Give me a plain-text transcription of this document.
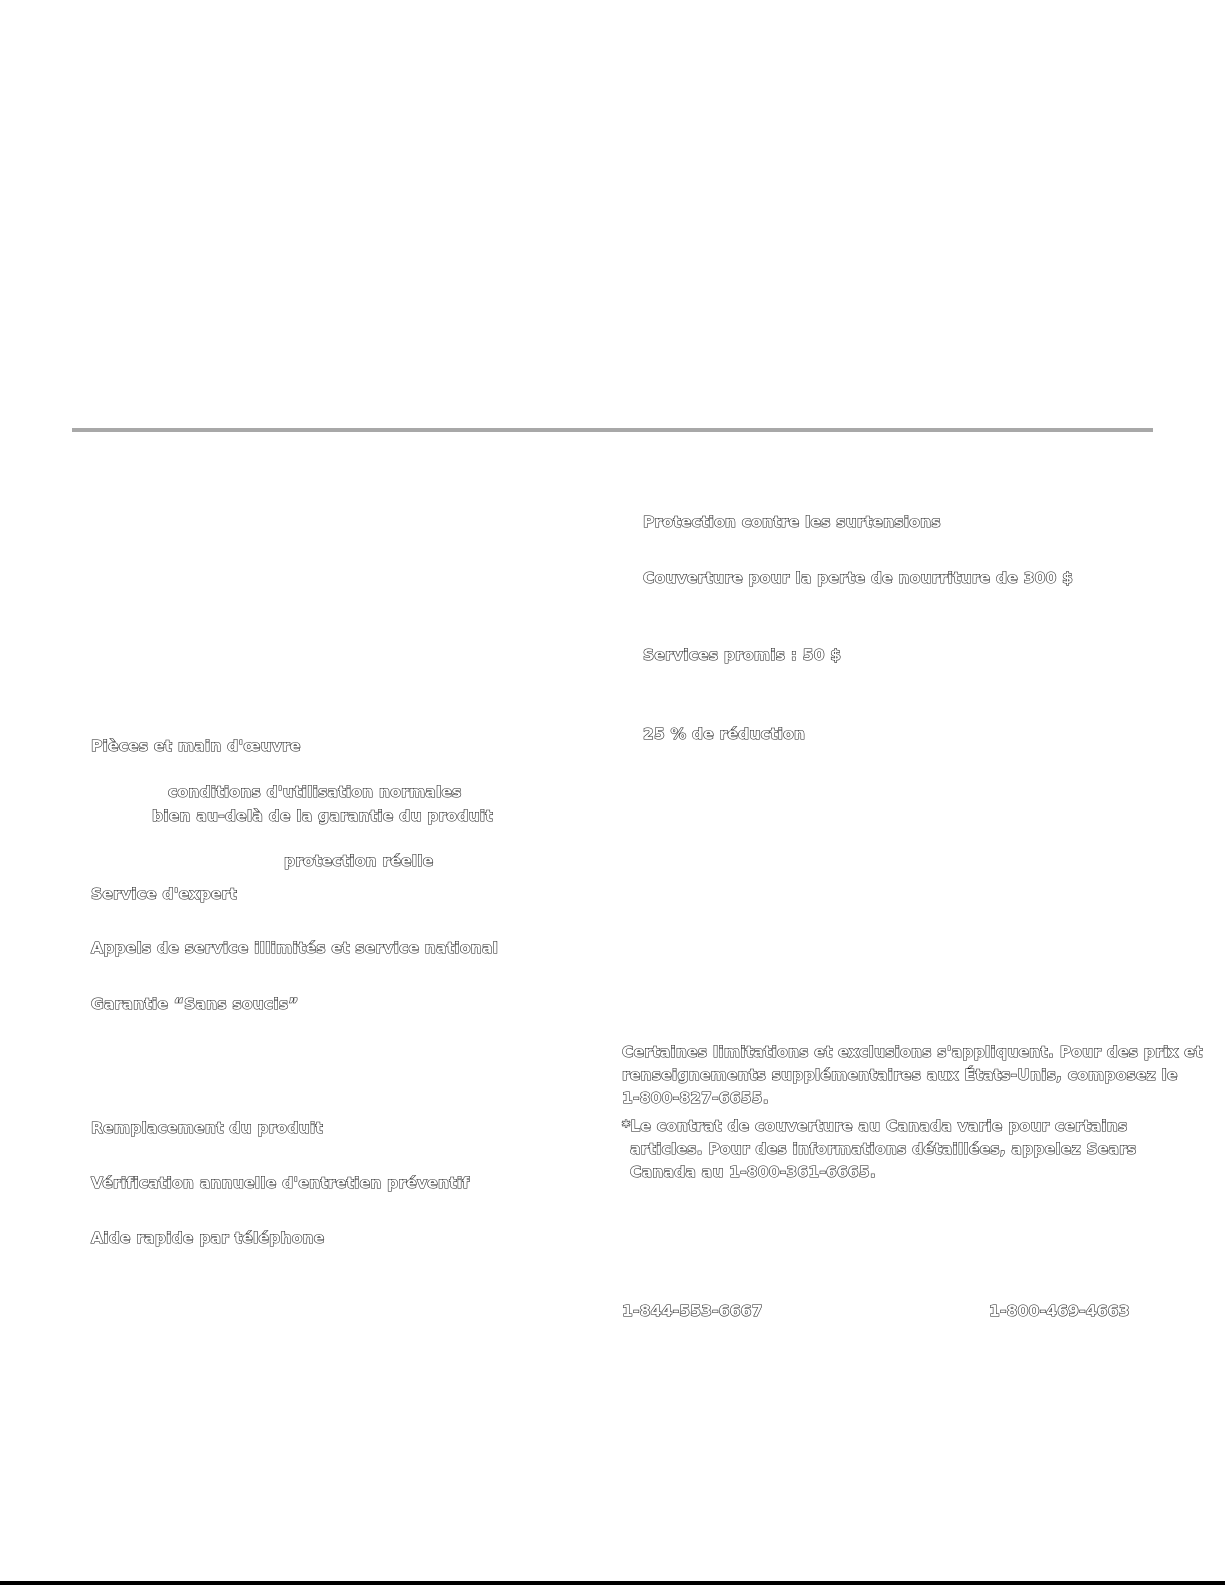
Pièces et main d'œuvre
conditions d'utilisation normales
bien au-delà de la garantie du produit
protection réelle
Service d'expert
Appels de service illimités et service national
Garantie “Sans soucis”
Remplacement du produit
Vérification annuelle d'entretien préventif
Aide rapide par téléphone
Protection contre les surtensions
Couverture pour la perte de nourriture de 300 $
Services promis : 50 $
25 % de réduction
Certaines limitations et exclusions s'appliquent. Pour des prix et
renseignements supplémentaires aux États-Unis, composez le
1-800-827-6655.
*Le contrat de couverture au Canada varie pour certains
articles. Pour des informations détaillées, appelez Sears
Canada au 1-800-361-6665.
1-844-553-6667	1-800-469-4663
